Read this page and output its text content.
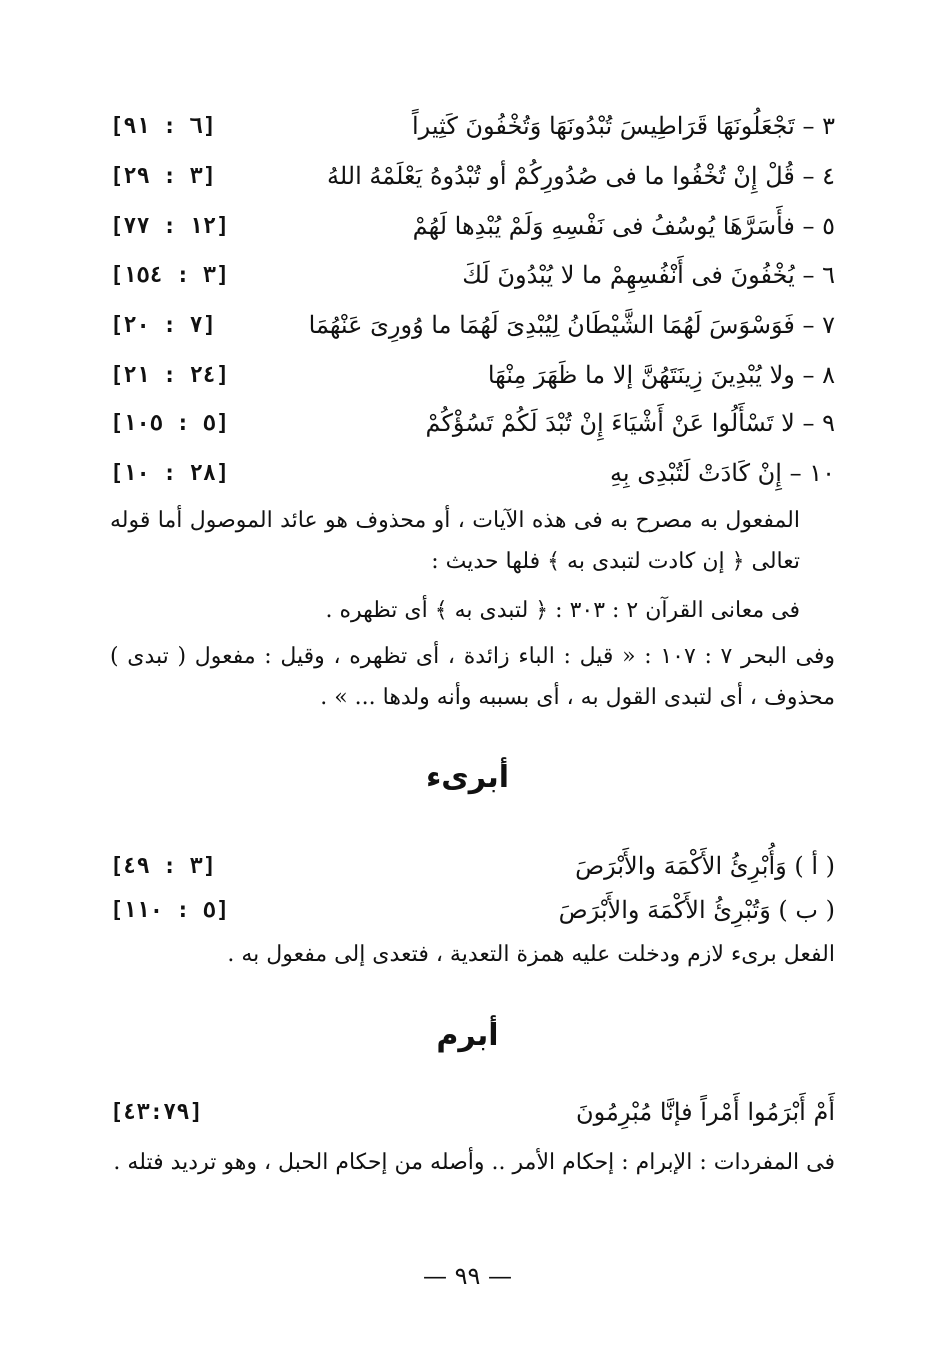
٣ – تَجْعَلُونَهَا قَرَاطِيسَ تُبْدُونَهَا وَتُخْفُونَ كَثِيراً
[٦ : ٩١]
٤ – قُلْ إِنْ تُخْفُوا ما فى صُدُورِكُمْ أو تُبْدُوهُ يَعْلَمْهُ اللهُ
[٣ : ٢٩]
٥ – فأَسَرَّهَا يُوسُفُ فى نَفْسِهِ وَلَمْ يُبْدِها لَهُمْ
[١٢ : ٧٧]
٦ – يُخْفُونَ فى أَنْفُسِهِمْ ما لا يُبْدُونَ لَكَ
[٣ : ١٥٤]
٧ – فَوَسْوَسَ لَهُمَا الشَّيْطَانُ لِيُبْدِىَ لَهُمَا ما وُورِىَ عَنْهُمَا
[٧ : ٢٠]
٨ – ولا يُبْدِينَ زِينَتَهُنَّ إلا ما ظَهَرَ مِنْهَا
[٢٤ : ٢١]
٩ – لا تَسْأَلُوا عَنْ أَشْيَاءَ إِنْ تُبْدَ لَكُمْ تَسُؤْكُمْ
[٥ : ١٠٥]
١٠ – إِنْ كَادَتْ لَتُبْدِى بِهِ
[٢٨ : ١٠]
المفعول به مصرح به فى هذه الآيات ، أو محذوف هو عائد الموصول أما قوله تعالى ﴿ إن كادت لتبدى به ﴾ فلها حديث :
فى معانى القرآن ٢ : ٣٠٣ : ﴿ لتبدى به ﴾ أى تظهره .
وفى البحر ٧ : ١٠٧ : « قيل : الباء زائدة ، أى تظهره ، وقيل : مفعول ( تبدى ) محذوف ، أى لتبدى القول به ، أى بسببه وأنه ولدها ... » .
أبرىء
( أ ) وَأُبْرِئُ الأَكْمَهَ والأَبْرَصَ
[٣ : ٤٩]
( ب ) وَتُبْرِئُ الأَكْمَهَ والأَبْرَصَ
[٥ : ١١٠]
الفعل برىء لازم ودخلت عليه همزة التعدية ، فتعدى إلى مفعول به .
أبرم
أَمْ أَبْرَمُوا أَمْراً فإنَّا مُبْرِمُونَ
[٤٣:٧٩]
فى المفردات : الإبرام : إحكام الأمر .. وأصله من إحكام الحبل ، وهو ترديد فتله .
— ٩٩ —
